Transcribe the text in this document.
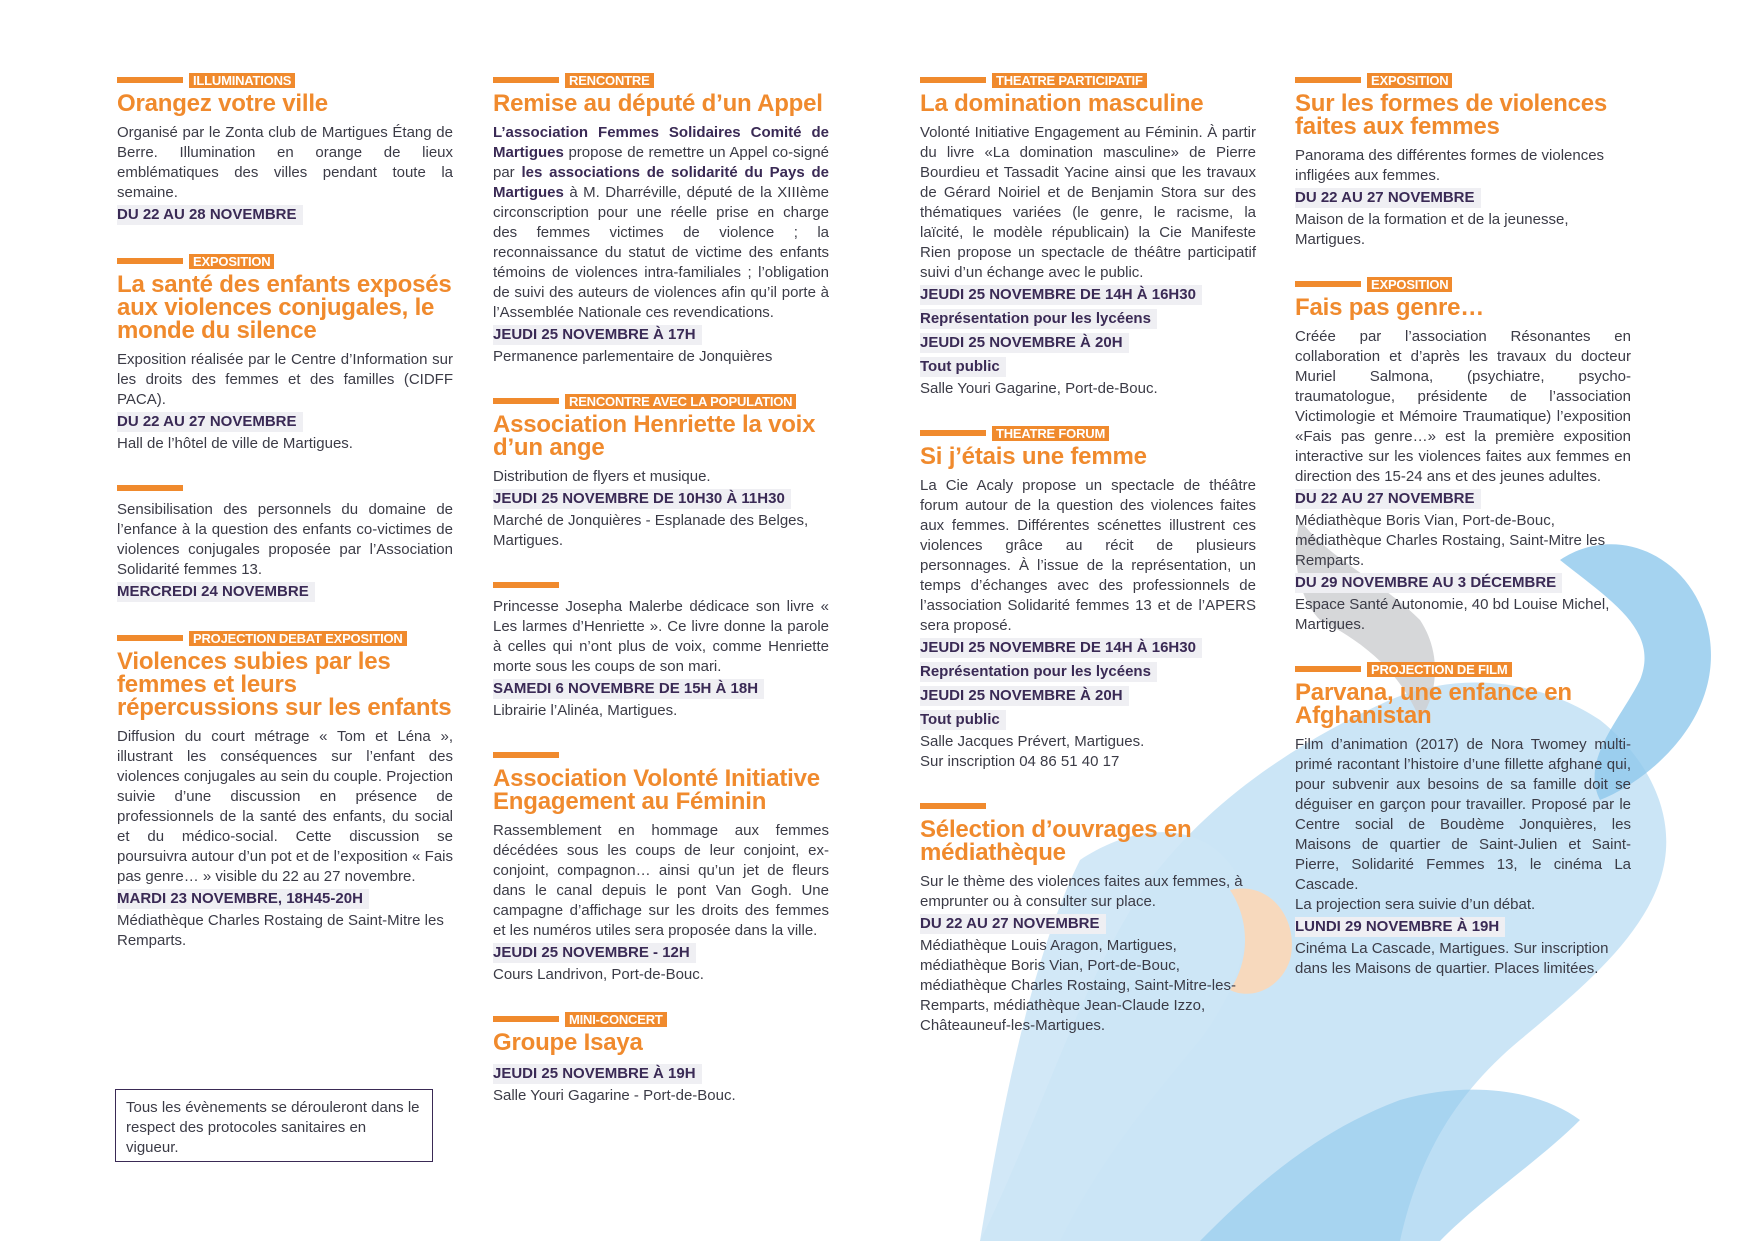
ILLUMINATIONS
Orangez votre ville

Organisé par le Zonta club de Martigues Étang de Berre. Illumination en orange de lieux emblématiques des villes pendant toute la semaine.

DU 22 AU 28 NOVEMBRE
EXPOSITION
La santé des enfants exposés aux violences conjugales, le monde du silence

Exposition réalisée par le Centre d’Information sur les droits des femmes et des familles (CIDFF PACA).

DU 22 AU 27 NOVEMBRE
Hall de l’hôtel de ville de Martigues.

Sensibilisation des personnels du domaine de l’enfance à la question des enfants co-victimes de violences conjugales proposée par l’Association Solidarité femmes 13.

MERCREDI 24 NOVEMBRE
PROJECTION DEBAT EXPOSITION
Violences subies par les femmes et leurs répercussions sur les enfants

Diffusion du court métrage « Tom et Léna », illustrant les conséquences sur l’enfant des violences conjugales au sein du couple. Projection suivie d’une discussion en présence de professionnels de la santé des enfants, du social et du médico-social. Cette discussion se poursuivra autour d’un pot et de l’exposition « Fais pas genre… » visible du 22 au 27 novembre.

MARDI 23 NOVEMBRE, 18H45-20H
Médiathèque Charles Rostaing de Saint-Mitre les Remparts.
Tous les évènements se dérouleront dans le respect des protocoles sanitaires en vigueur.
RENCONTRE
Remise au député d’un Appel

L’association Femmes Solidaires Comité de Martigues propose de remettre un Appel co-signé par les associations de solidarité du Pays de Martigues à M. Dharréville, député de la XIIIème circonscription pour une réelle prise en charge des femmes victimes de violence ; la reconnaissance du statut de victime des enfants témoins de violences intra-familiales ; l’obligation de suivi des auteurs de violences afin qu’il porte à l’Assemblée Nationale ces revendications.

JEUDI 25 NOVEMBRE À 17H
Permanence parlementaire de Jonquières
RENCONTRE AVEC LA POPULATION
Association Henriette la voix d’un ange

Distribution de flyers et musique.

JEUDI 25 NOVEMBRE DE 10H30 À 11H30
Marché de Jonquières - Esplanade des Belges, Martigues.

Princesse Josepha Malerbe dédicace son livre « Les larmes d’Henriette ». Ce livre donne la parole à celles qui n’ont plus de voix, comme Henriette morte sous les coups de son mari.

SAMEDI 6 NOVEMBRE DE 15H À 18H
Librairie l’Alinéa, Martigues.
Association Volonté Initiative Engagement au Féminin

Rassemblement en hommage aux femmes décédées sous les coups de leur conjoint, ex-conjoint, compagnon… ainsi qu’un jet de fleurs dans le canal depuis le pont Van Gogh. Une campagne d’affichage sur les droits des femmes et les numéros utiles sera proposée dans la ville.

JEUDI 25 NOVEMBRE - 12H
Cours Landrivon, Port-de-Bouc.
MINI-CONCERT
Groupe Isaya
JEUDI 25 NOVEMBRE À 19H
Salle Youri Gagarine - Port-de-Bouc.
THEATRE PARTICIPATIF
La domination masculine

Volonté Initiative Engagement au Féminin. À partir du livre «La domination masculine» de Pierre Bourdieu et Tassadit Yacine ainsi que les travaux de Gérard Noiriel et de Benjamin Stora sur des thématiques variées (le genre, le racisme, la laïcité, le modèle républicain) la Cie Manifeste Rien propose un spectacle de théâtre participatif suivi d’un échange avec le public.

JEUDI 25 NOVEMBRE DE 14H À 16H30
Représentation pour les lycéens
JEUDI 25 NOVEMBRE À 20H
Tout public
Salle Youri Gagarine, Port-de-Bouc.
THEATRE FORUM
Si j’étais une femme

La Cie Acaly propose un spectacle de théâtre forum autour de la question des violences faites aux femmes. Différentes scénettes illustrent ces violences grâce au récit de plusieurs personnages. À l’issue de la représentation, un temps d’échanges avec des professionnels de l’association Solidarité femmes 13 et de l’APERS sera proposé.

JEUDI 25 NOVEMBRE DE 14H À 16H30
Représentation pour les lycéens
JEUDI 25 NOVEMBRE À 20H
Tout public
Salle Jacques Prévert, Martigues.
Sur inscription 04 86 51 40 17
Sélection d’ouvrages en médiathèque

Sur le thème des violences faites aux femmes, à emprunter ou à consulter sur place.

DU 22 AU 27 NOVEMBRE
Médiathèque Louis Aragon, Martigues, médiathèque Boris Vian, Port-de-Bouc, médiathèque Charles Rostaing, Saint-Mitre-les-Remparts, médiathèque Jean-Claude Izzo, Châteauneuf-les-Martigues.
EXPOSITION
Sur les formes de violences faites aux femmes

Panorama des différentes formes de violences infligées aux femmes.

DU 22 AU 27 NOVEMBRE
Maison de la formation et de la jeunesse, Martigues.
EXPOSITION
Fais pas genre…

Créée par l’association Résonantes en collaboration et d’après les travaux du docteur Muriel Salmona, (psychiatre, psycho-traumatologue, présidente de l’association Victimologie et Mémoire Traumatique) l’exposition «Fais pas genre…» est la première exposition interactive sur les violences faites aux femmes en direction des 15-24 ans et des jeunes adultes.

DU 22 AU 27 NOVEMBRE
Médiathèque Boris Vian, Port-de-Bouc, médiathèque Charles Rostaing, Saint-Mitre les Remparts.
DU 29 NOVEMBRE AU 3 DÉCEMBRE
Espace Santé Autonomie, 40 bd Louise Michel, Martigues.
PROJECTION DE FILM
Parvana, une enfance en Afghanistan

Film d’animation (2017) de Nora Twomey multi-primé racontant l’histoire d’une fillette afghane qui, pour subvenir aux besoins de sa famille doit se déguiser en garçon pour travailler. Proposé par le Centre social de Boudème Jonquières, les Maisons de quartier de Saint-Julien et Saint-Pierre, Solidarité Femmes 13, le cinéma La Cascade.

La projection sera suivie d’un débat.

LUNDI 29 NOVEMBRE À 19H
Cinéma La Cascade, Martigues. Sur inscription dans les Maisons de quartier. Places limitées.
